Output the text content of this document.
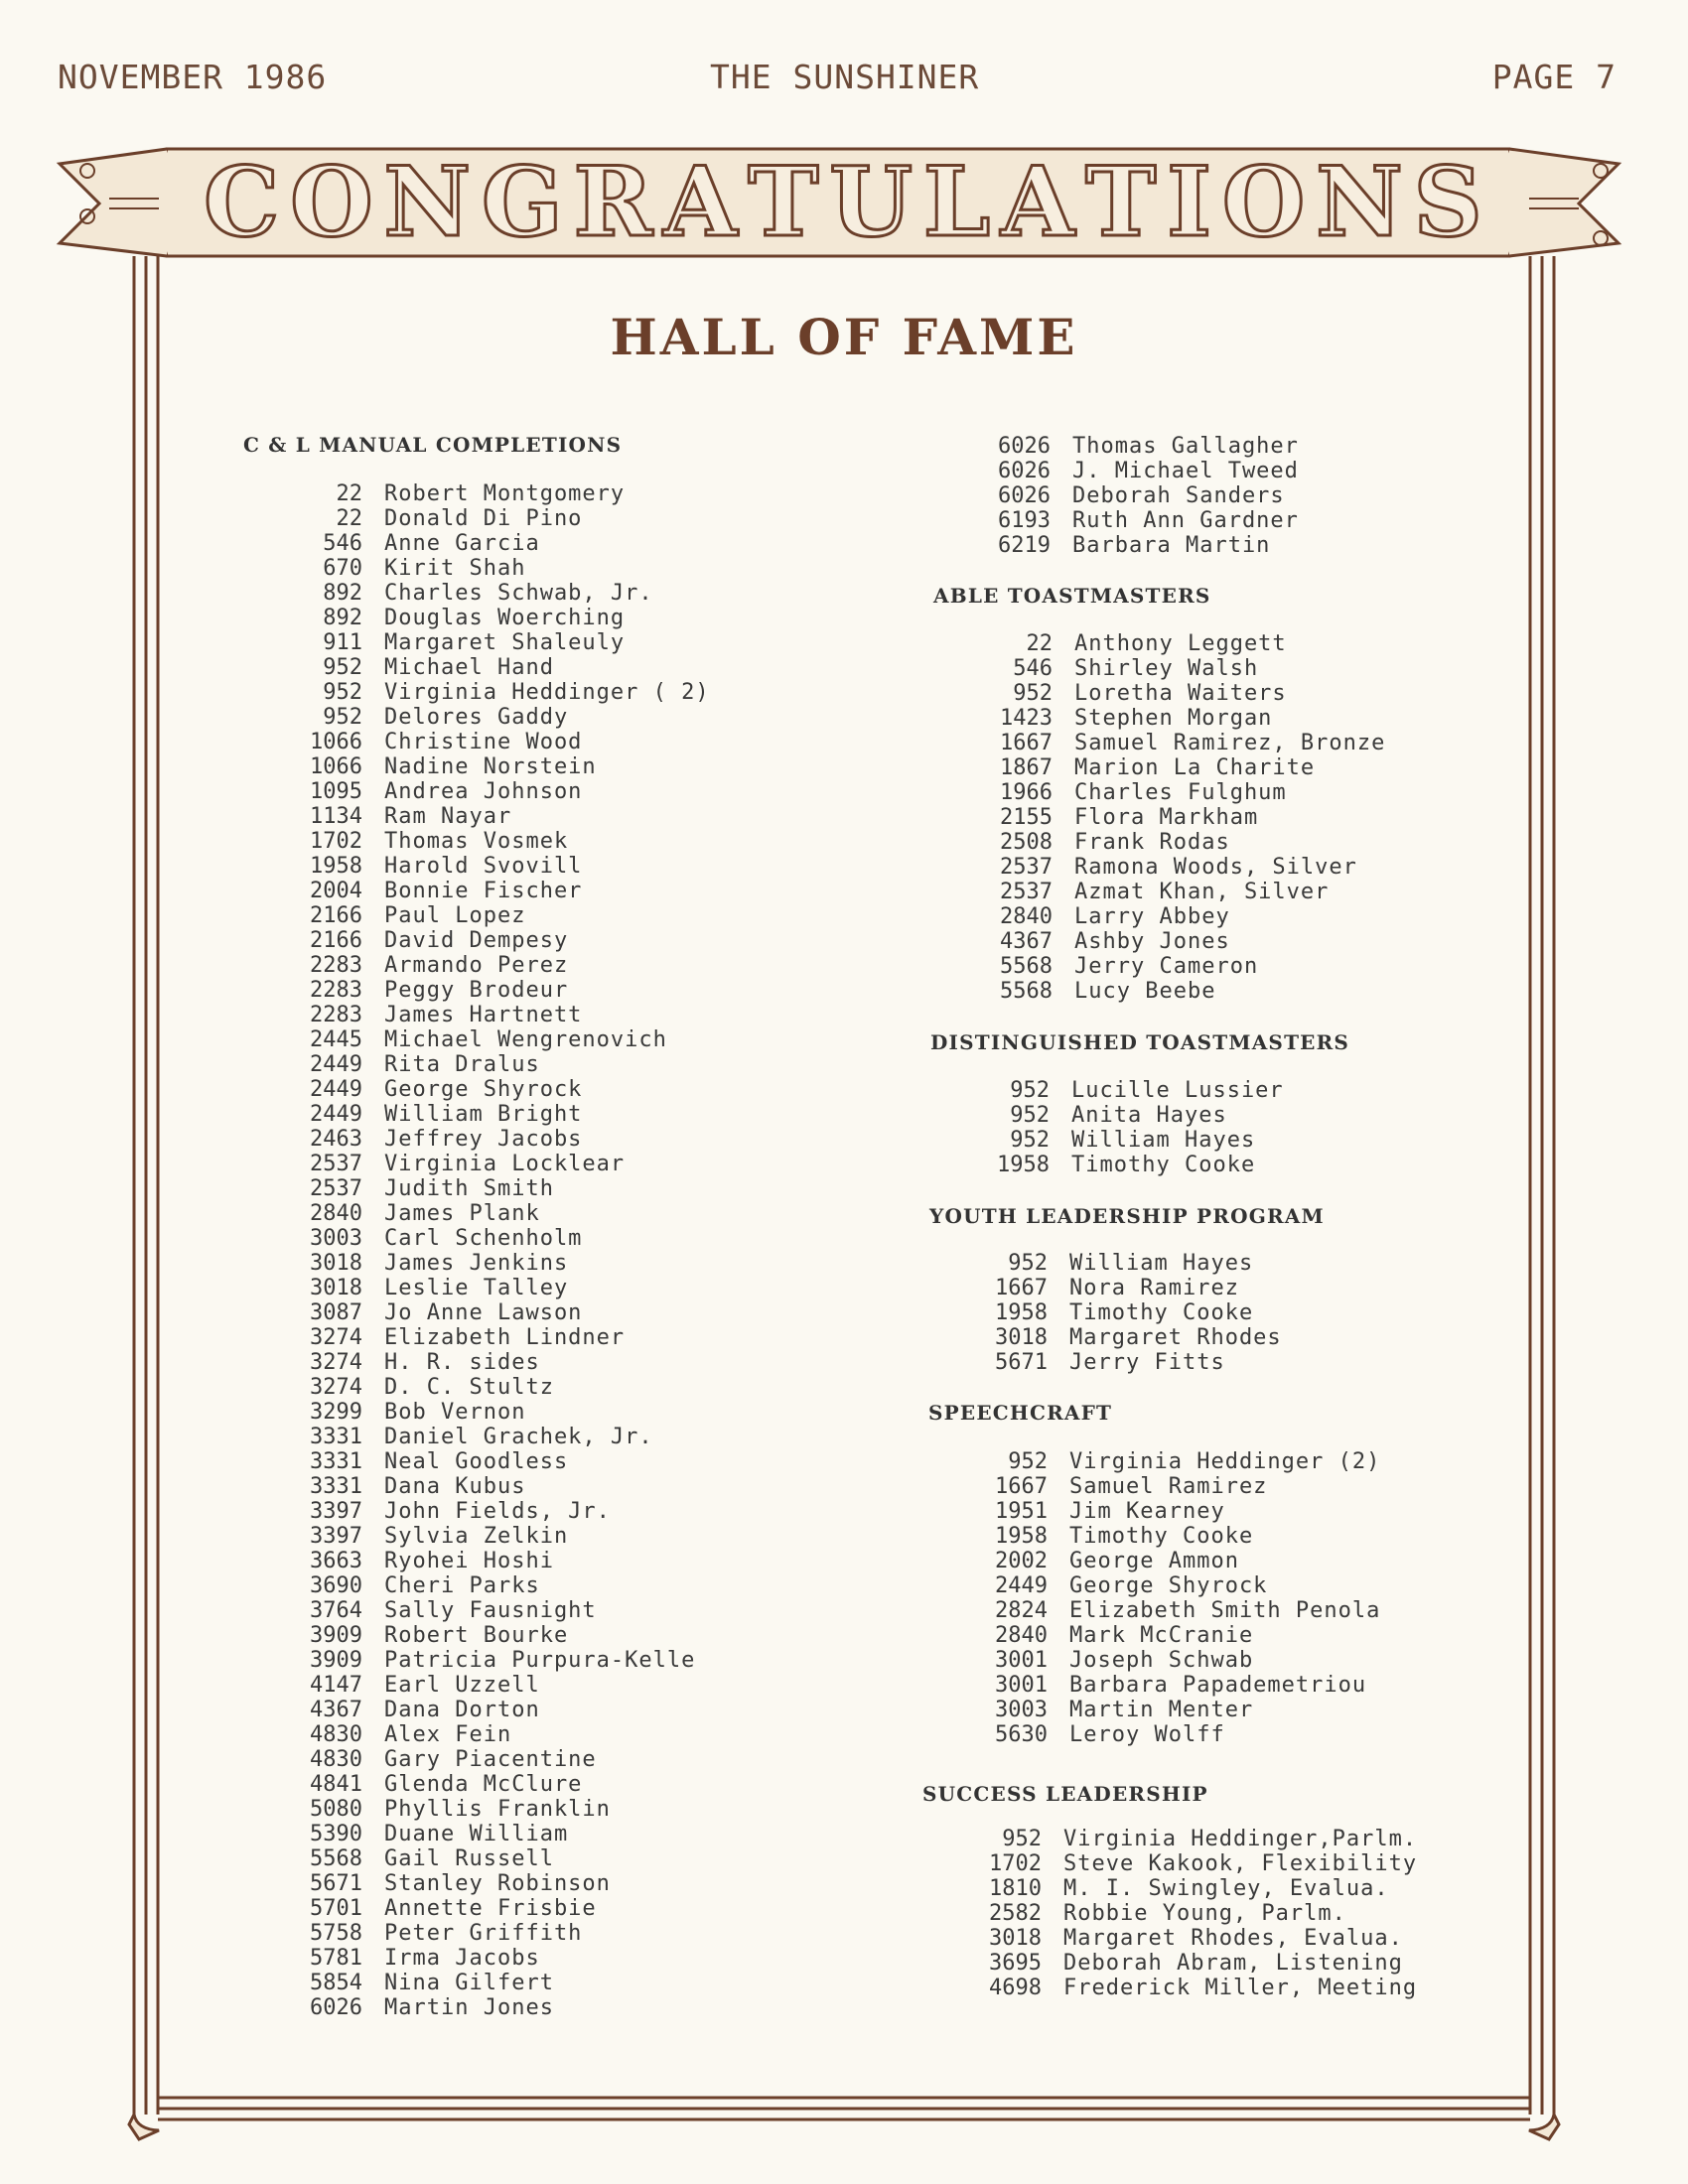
NOVEMBER 1986	THE SUNSHINER	PAGE 7
C O N G R A T U L A T I O N S
HALL OF FAME
C & L MANUAL COMPLETIONS
ABLE TOASTMASTERS
DISTINGUISHED TOASTMASTERS
YOUTH LEADERSHIP PROGRAM
SPEECHCRAFT
SUCCESS LEADERSHIP
22 Robert Montgomery
22 Donald Di Pino
546 Anne Garcia
670 Kirit Shah
892 Charles Schwab, Jr.
892 Douglas Woerching
911 Margaret Shaleuly
952 Michael Hand
952 Virginia Heddinger ( 2)
952 Delores Gaddy
1066 Christine Wood
1066 Nadine Norstein
1095 Andrea Johnson
1134 Ram Nayar
1702 Thomas Vosmek
1958 Harold Svovill
2004 Bonnie Fischer
2166 Paul Lopez
2166 David Dempesy
2283 Armando Perez
2283 Peggy Brodeur
2283 James Hartnett
2445 Michael Wengrenovich
2449 Rita Dralus
2449 George Shyrock
2449 William Bright
2463 Jeffrey Jacobs
2537 Virginia Locklear
2537 Judith Smith
2840 James Plank
3003 Carl Schenholm
3018 James Jenkins
3018 Leslie Talley
3087 Jo Anne Lawson
3274 Elizabeth Lindner
3274 H. R. sides
3274 D. C. Stultz
3299 Bob Vernon
3331 Daniel Grachek, Jr.
3331 Neal Goodless
3331 Dana Kubus
3397 John Fields, Jr.
3397 Sylvia Zelkin
3663 Ryohei Hoshi
3690 Cheri Parks
3764 Sally Fausnight
3909 Robert Bourke
3909 Patricia Purpura-Kelle
4147 Earl Uzzell
4367 Dana Dorton
4830 Alex Fein
4830 Gary Piacentine
4841 Glenda McClure
5080 Phyllis Franklin
5390 Duane William
5568 Gail Russell
5671 Stanley Robinson
5701 Annette Frisbie
5758 Peter Griffith
5781 Irma Jacobs
5854 Nina Gilfert
6026 Martin Jones
6026 Thomas Gallagher
6026 J. Michael Tweed
6026 Deborah Sanders
6193 Ruth Ann Gardner
6219 Barbara Martin
22 Anthony Leggett
546 Shirley Walsh
952 Loretha Waiters
1423 Stephen Morgan
1667 Samuel Ramirez, Bronze
1867 Marion La Charite
1966 Charles Fulghum
2155 Flora Markham
2508 Frank Rodas
2537 Ramona Woods, Silver
2537 Azmat Khan, Silver
2840 Larry Abbey
4367 Ashby Jones
5568 Jerry Cameron
5568 Lucy Beebe
952 Lucille Lussier
952 Anita Hayes
952 William Hayes
1958 Timothy Cooke
952 William Hayes
1667 Nora Ramirez
1958 Timothy Cooke
3018 Margaret Rhodes
5671 Jerry Fitts
952 Virginia Heddinger (2)
1667 Samuel Ramirez
1951 Jim Kearney
1958 Timothy Cooke
2002 George Ammon
2449 George Shyrock
2824 Elizabeth Smith Penola
2840 Mark McCranie
3001 Joseph Schwab
3001 Barbara Papademetriou
3003 Martin Menter
5630 Leroy Wolff
952 Virginia Heddinger,Parlm.
1702 Steve Kakook, Flexibility
1810 M. I. Swingley, Evalua.
2582 Robbie Young, Parlm.
3018 Margaret Rhodes, Evalua.
3695 Deborah Abram, Listening
4698 Frederick Miller, Meeting
